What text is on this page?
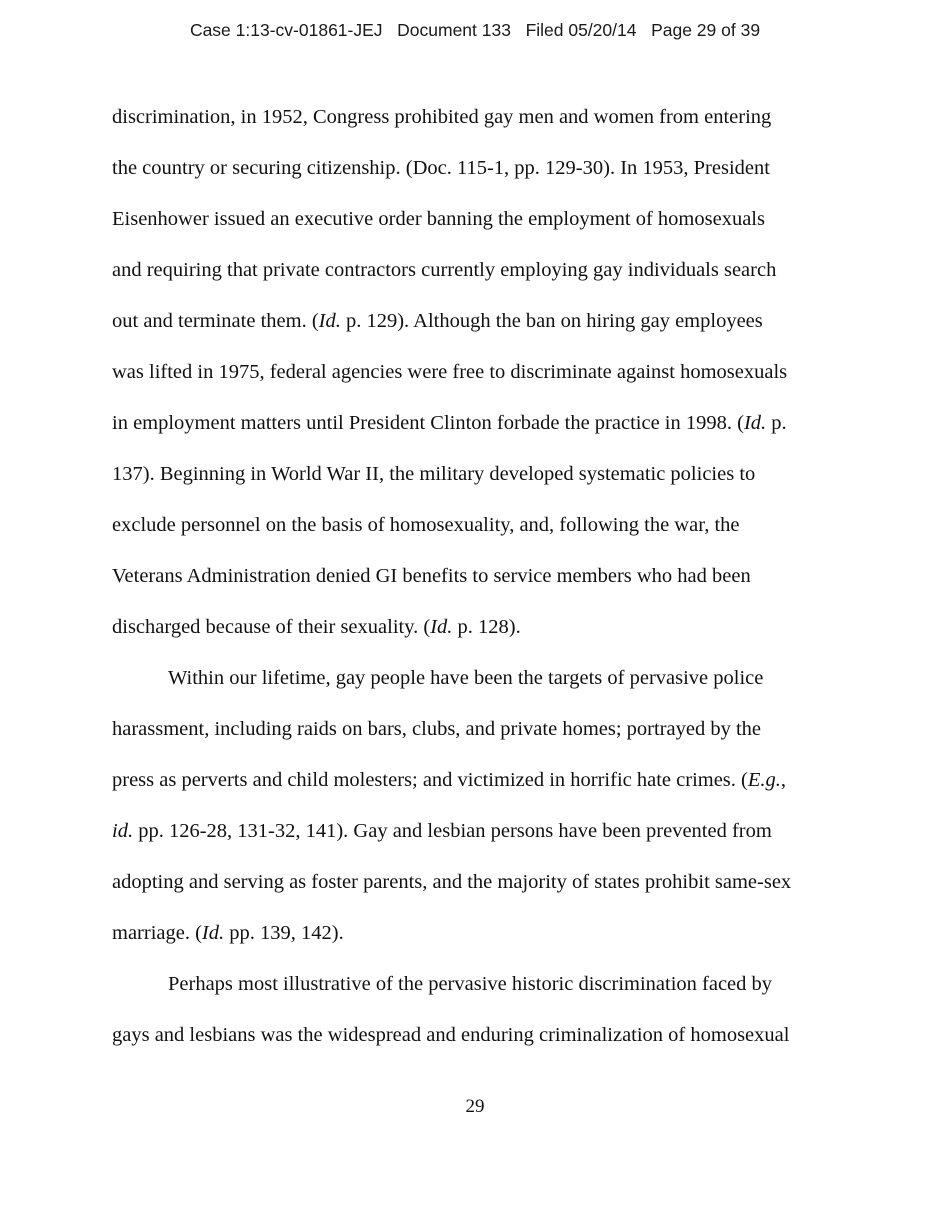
Case 1:13-cv-01861-JEJ Document 133 Filed 05/20/14 Page 29 of 39
discrimination, in 1952, Congress prohibited gay men and women from entering
the country or securing citizenship. (Doc. 115-1, pp. 129-30). In 1953, President
Eisenhower issued an executive order banning the employment of homosexuals
and requiring that private contractors currently employing gay individuals search
out and terminate them. (Id. p. 129). Although the ban on hiring gay employees
was lifted in 1975, federal agencies were free to discriminate against homosexuals
in employment matters until President Clinton forbade the practice in 1998. (Id. p.
137). Beginning in World War II, the military developed systematic policies to
exclude personnel on the basis of homosexuality, and, following the war, the
Veterans Administration denied GI benefits to service members who had been
discharged because of their sexuality. (Id. p. 128).
Within our lifetime, gay people have been the targets of pervasive police
harassment, including raids on bars, clubs, and private homes; portrayed by the
press as perverts and child molesters; and victimized in horrific hate crimes. (E.g.,
id. pp. 126-28, 131-32, 141). Gay and lesbian persons have been prevented from
adopting and serving as foster parents, and the majority of states prohibit same-sex
marriage. (Id. pp. 139, 142).
Perhaps most illustrative of the pervasive historic discrimination faced by
gays and lesbians was the widespread and enduring criminalization of homosexual
29
